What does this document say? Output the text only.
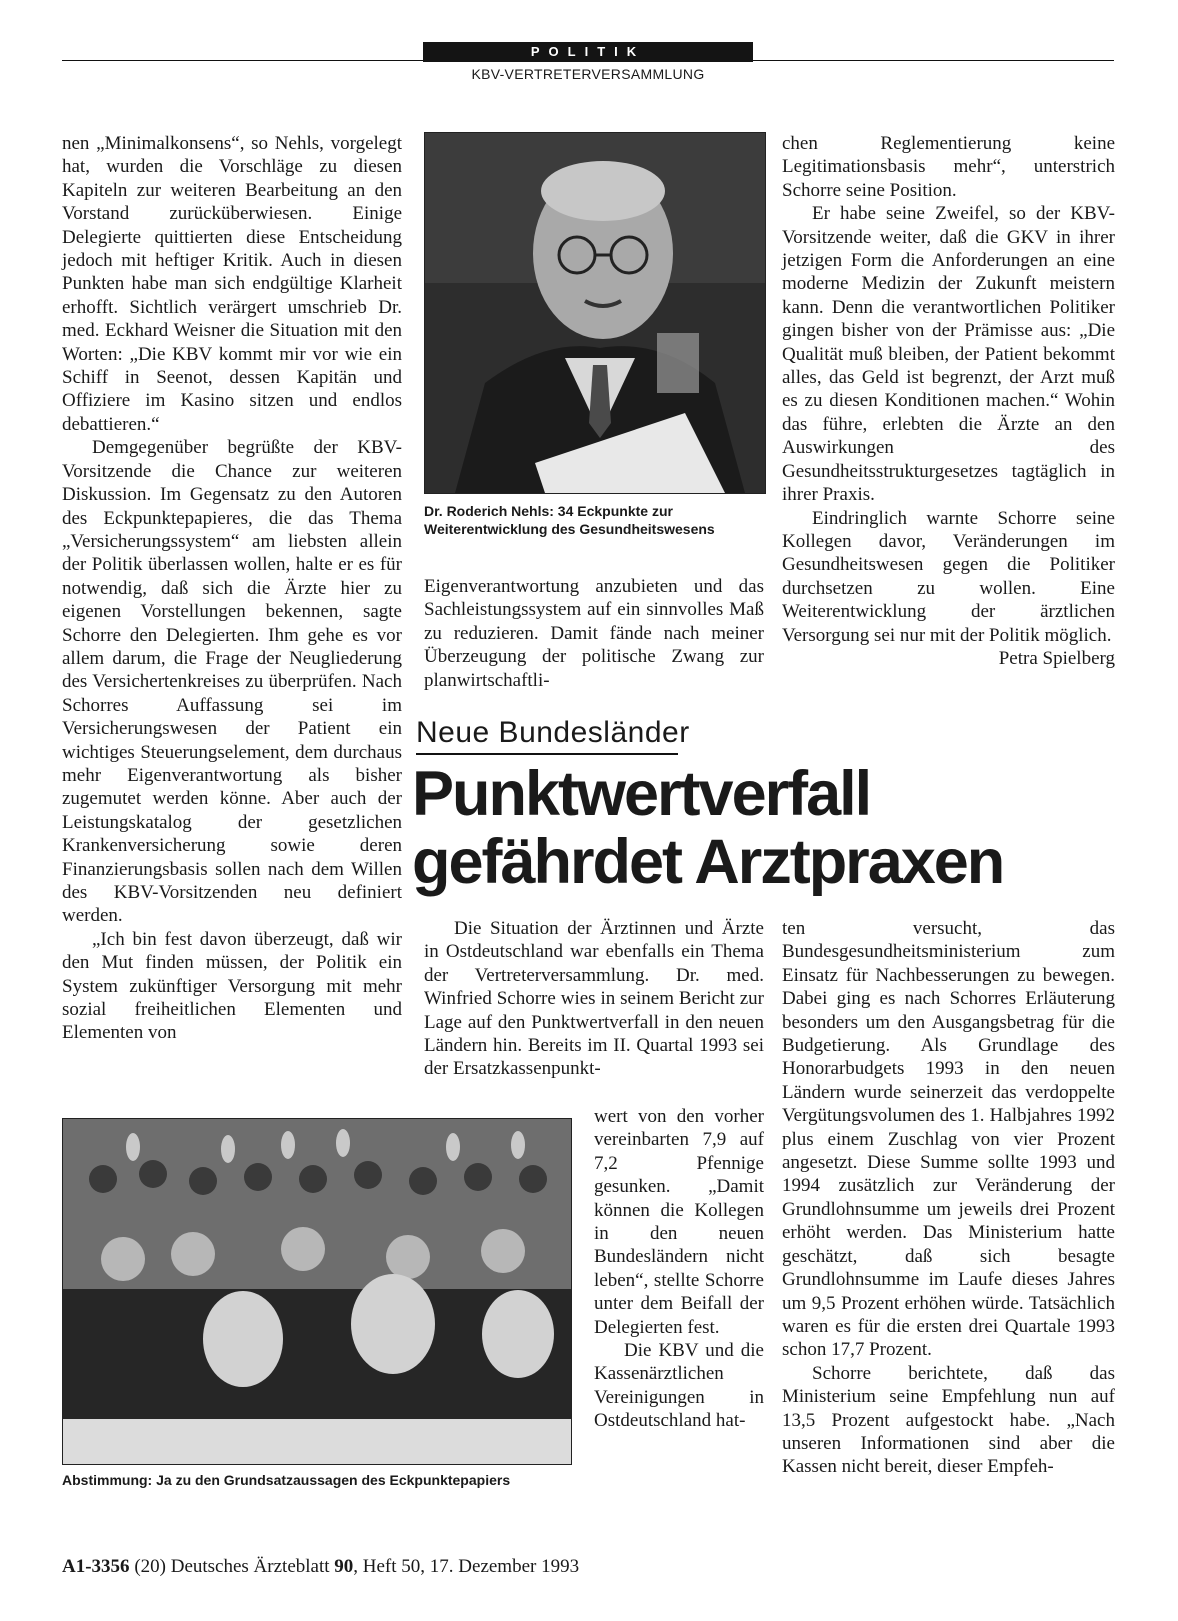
POLITIK
KBV-VERTRETERVERSAMMLUNG

nen „Minimalkonsens“, so Nehls, vorgelegt hat, wurden die Vorschläge zu diesen Kapiteln zur weiteren Bearbeitung an den Vorstand zurücküberwiesen. Einige Delegierte quittierten diese Entscheidung jedoch mit heftiger Kritik. Auch in diesen Punkten habe man sich endgültige Klarheit erhofft. Sichtlich verärgert umschrieb Dr. med. Eckhard Weisner die Situation mit den Worten: „Die KBV kommt mir vor wie ein Schiff in Seenot, dessen Kapitän und Offiziere im Kasino sitzen und endlos debattieren.“

Demgegenüber begrüßte der KBV-Vorsitzende die Chance zur weiteren Diskussion. Im Gegensatz zu den Autoren des Eckpunktepapieres, die das Thema „Versicherungssystem“ am liebsten allein der Politik überlassen wollen, halte er es für notwendig, daß sich die Ärzte hier zu eigenen Vorstellungen bekennen, sagte Schorre den Delegierten. Ihm gehe es vor allem darum, die Frage der Neugliederung des Versichertenkreises zu überprüfen. Nach Schorres Auffassung sei im Versicherungswesen der Patient ein wichtiges Steuerungselement, dem durchaus mehr Eigenverantwortung als bisher zugemutet werden könne. Aber auch der Leistungskatalog der gesetzlichen Krankenversicherung sowie deren Finanzierungsbasis sollen nach dem Willen des KBV-Vorsitzenden neu definiert werden.

„Ich bin fest davon überzeugt, daß wir den Mut finden müssen, der Politik ein System zukünftiger Versorgung mit mehr sozial freiheitlichen Elementen und Elementen von

Dr. Roderich Nehls: 34 Eckpunkte zur Weiterentwicklung des Gesundheitswesens

Eigenverantwortung anzubieten und das Sachleistungssystem auf ein sinnvolles Maß zu reduzieren. Damit fände nach meiner Überzeugung der politische Zwang zur planwirtschaftli-

chen Reglementierung keine Legitimationsbasis mehr“, unterstrich Schorre seine Position.

Er habe seine Zweifel, so der KBV-Vorsitzende weiter, daß die GKV in ihrer jetzigen Form die Anforderungen an eine moderne Medizin der Zukunft meistern kann. Denn die verantwortlichen Politiker gingen bisher von der Prämisse aus: „Die Qualität muß bleiben, der Patient bekommt alles, das Geld ist begrenzt, der Arzt muß es zu diesen Konditionen machen.“ Wohin das führe, erlebten die Ärzte an den Auswirkungen des Gesundheitsstrukturgesetzes tagtäglich in ihrer Praxis.

Eindringlich warnte Schorre seine Kollegen davor, Veränderungen im Gesundheitswesen gegen die Politiker durchsetzen zu wollen. Eine Weiterentwicklung der ärztlichen Versorgung sei nur mit der Politik möglich.

Petra Spielberg

Neue Bundesländer
Punktwertverfall
gefährdet Arztpraxen

Die Situation der Ärztinnen und Ärzte in Ostdeutschland war ebenfalls ein Thema der Vertreterversammlung. Dr. med. Winfried Schorre wies in seinem Bericht zur Lage auf den Punktwertverfall in den neuen Ländern hin. Bereits im II. Quartal 1993 sei der Ersatzkassenpunkt-

wert von den vorher vereinbarten 7,9 auf 7,2 Pfennige gesunken. „Damit können die Kollegen in den neuen Bundesländern nicht leben“, stellte Schorre unter dem Beifall der Delegierten fest.

Die KBV und die Kassenärztlichen Vereinigungen in Ostdeutschland hat-

ten versucht, das Bundesgesundheitsministerium zum Einsatz für Nachbesserungen zu bewegen. Dabei ging es nach Schorres Erläuterung besonders um den Ausgangsbetrag für die Budgetierung. Als Grundlage des Honorarbudgets 1993 in den neuen Ländern wurde seinerzeit das verdoppelte Vergütungsvolumen des 1. Halbjahres 1992 plus einem Zuschlag von vier Prozent angesetzt. Diese Summe sollte 1993 und 1994 zusätzlich zur Veränderung der Grundlohnsumme um jeweils drei Prozent erhöht werden. Das Ministerium hatte geschätzt, daß sich besagte Grundlohnsumme im Laufe dieses Jahres um 9,5 Prozent erhöhen würde. Tatsächlich waren es für die ersten drei Quartale 1993 schon 17,7 Prozent.

Schorre berichtete, daß das Ministerium seine Empfehlung nun auf 13,5 Prozent aufgestockt habe. „Nach unseren Informationen sind aber die Kassen nicht bereit, dieser Empfeh-

Abstimmung: Ja zu den Grundsatzaussagen des Eckpunktepapiers
A1-3356 (20) Deutsches Ärzteblatt 90, Heft 50, 17. Dezember 1993
